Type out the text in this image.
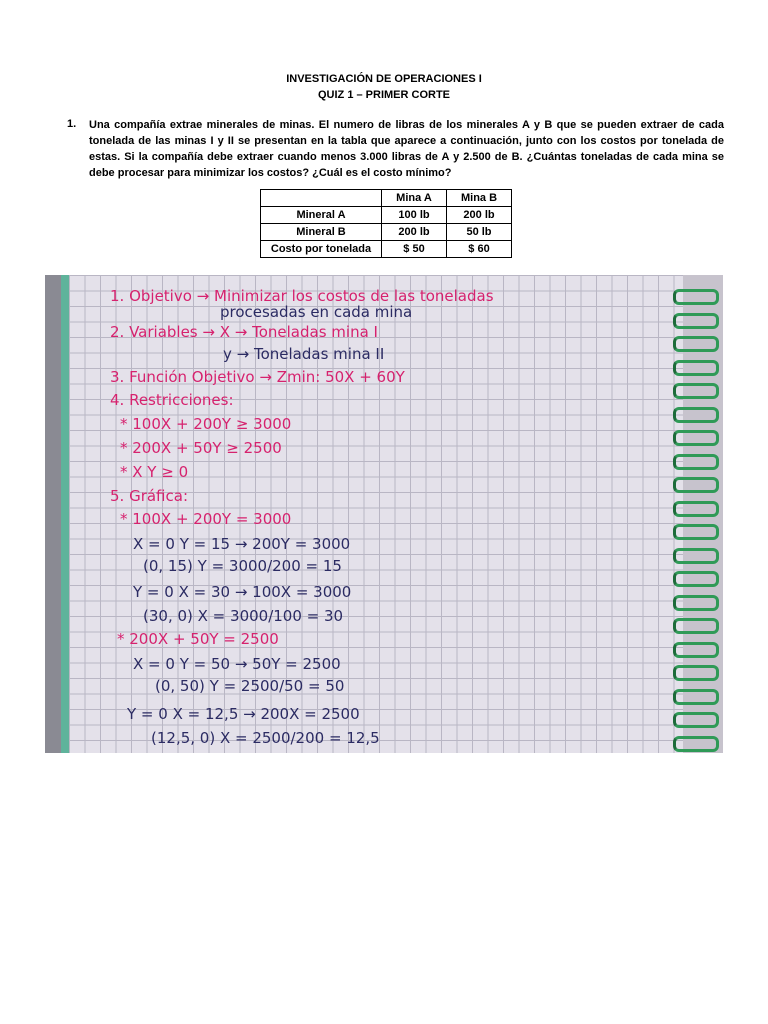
INVESTIGACIÓN DE OPERACIONES I
QUIZ 1 – PRIMER CORTE
1. Una compañía extrae minerales de minas. El numero de libras de los minerales A y B que se pueden extraer de cada tonelada de las minas I y II se presentan en la tabla que aparece a continuación, junto con los costos por tonelada de estas. Si la compañía debe extraer cuando menos 3.000 libras de A y 2.500 de B. ¿Cuántas toneladas de cada mina se debe procesar para minimizar los costos? ¿Cuál es el costo mínimo?
	Mina A	Mina B
Mineral A	100 lb	200 lb
Mineral B	200 lb	50 lb
Costo por tonelada	$ 50	$ 60
1. Objetivo → Minimizar los costos de las toneladas
procesadas en cada mina
2. Variables → X → Toneladas mina I
y → Toneladas mina II
3. Función Objetivo → Zmin: 50X + 60Y
4. Restricciones:
* 100X + 200Y ≥ 3000
* 200X + 50Y ≥ 2500
* X Y ≥ 0
5. Gráfica:
* 100X + 200Y = 3000
X = 0 Y = 15 → 200Y = 3000
(0, 15) Y = 3000/200 = 15
Y = 0 X = 30 → 100X = 3000
(30, 0) X = 3000/100 = 30
* 200X + 50Y = 2500
X = 0 Y = 50 → 50Y = 2500
(0, 50) Y = 2500/50 = 50
Y = 0 X = 12,5 → 200X = 2500
(12,5, 0) X = 2500/200 = 12,5
